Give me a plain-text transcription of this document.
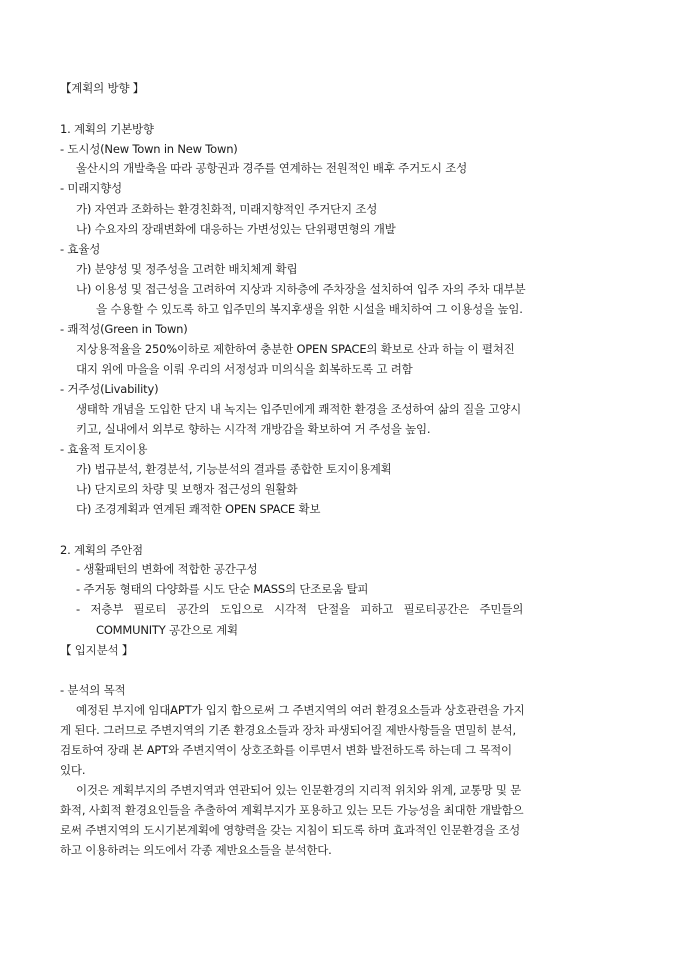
【계획의 방향 】
1. 계획의 기본방향
- 도시성(New Town in New Town)
울산시의 개발축을 따라 공항권과 경주를 연계하는 전원적인 배후 주거도시 조성
- 미래지향성
가) 자연과 조화하는 환경친화적, 미래지향적인 주거단지 조성
나) 수요자의 장래변화에 대응하는 가변성있는 단위평면형의 개발
- 효율성
가) 분양성 및 정주성을 고려한 배치체계 확립
나) 이용성 및 접근성을 고려하여 지상과 지하층에 주차장을 설치하여 입주 자의 주차 대부분
을 수용할 수 있도록 하고 입주민의 복지후생을 위한 시설을 배치하여 그 이용성을 높임.
- 쾌적성(Green in Town)
지상용적율을 250%이하로 제한하여 충분한 OPEN SPACE의 확보로 산과 하늘 이 펼쳐진
대지 위에 마을을 이뤄 우리의 서정성과 미의식을 회복하도록 고 려함
- 거주성(Livability)
생태학 개념을 도입한 단지 내 녹지는 입주민에게 쾌적한 환경을 조성하여 삶의 질을 고양시
키고, 실내에서 외부로 향하는 시각적 개방감을 확보하여 거 주성을 높임.
- 효율적 토지이용
가) 법규분석, 환경분석, 기능분석의 결과를 종합한 토지이용계획
나) 단지로의 차량 및 보행자 접근성의 원활화
다) 조경계획과 연계된 쾌적한 OPEN SPACE 확보
2. 계획의 주안점
- 생활패턴의 변화에 적합한 공간구성
- 주거동 형태의 다양화를 시도 단순 MASS의 단조로움 탈피
- 저층부 필로티 공간의 도입으로 시각적 단절을 피하고 필로티공간은 주민들의
COMMUNITY 공간으로 계획
【 입지분석 】
- 분석의 목적
예정된 부지에 임대APT가 입지 함으로써 그 주변지역의 여러 환경요소들과 상호관련을 가지
게 된다. 그러므로 주변지역의 기존 환경요소들과 장차 파생되어질 제반사항들을 면밀히 분석,
검토하여 장래 본 APT와 주변지역이 상호조화를 이루면서 변화 발전하도록 하는데 그 목적이
있다.
이것은 계획부지의 주변지역과 연관되어 있는 인문환경의 지리적 위치와 위계, 교통망 및 문
화적, 사회적 환경요인들을 추출하여 계획부지가 포용하고 있는 모든 가능성을 최대한 개발함으
로써 주변지역의 도시기본계획에 영향력을 갖는 지침이 되도록 하며 효과적인 인문환경을 조성
하고 이용하려는 의도에서 각종 제반요소들을 분석한다.
